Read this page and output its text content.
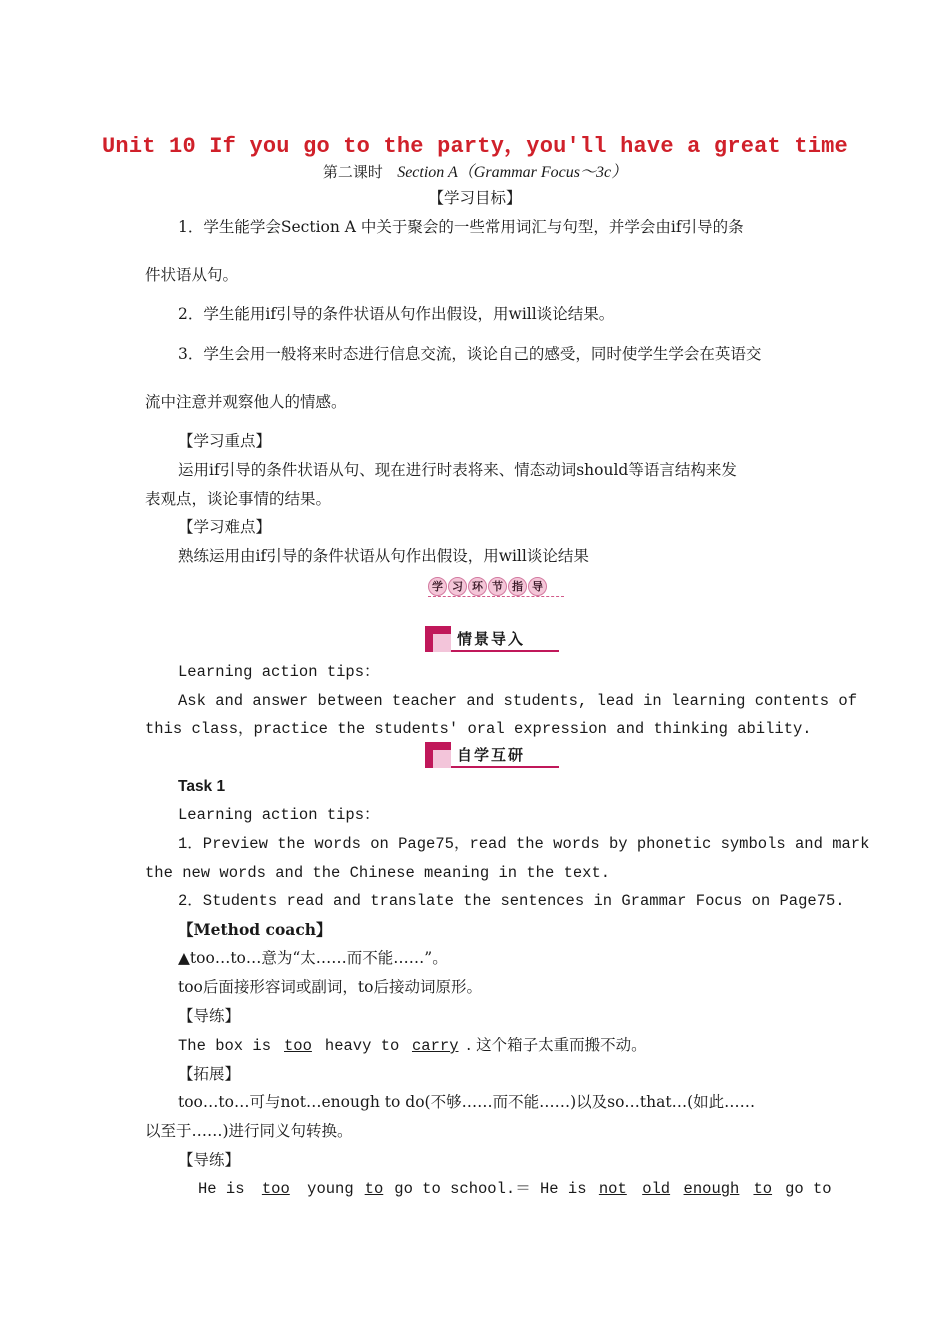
Unit 10 If you go to the party，you'll have a great time
第二课时 Section A（Grammar Focus～3c）
【学习目标】
1．学生能学会Section A 中关于聚会的一些常用词汇与句型，并学会由if引导的条
件状语从句。
2．学生能用if引导的条件状语从句作出假设，用will谈论结果。
3．学生会用一般将来时态进行信息交流，谈论自己的感受，同时使学生学会在英语交
流中注意并观察他人的情感。
【学习重点】
运用if引导的条件状语从句、现在进行时表将来、情态动词should等语言结构来发
表观点，谈论事情的结果。
【学习难点】
熟练运用由if引导的条件状语从句作出假设，用will谈论结果
学 习 环 节 指 导
情景导入
Learning action tips：
Ask and answer between teacher and students, lead in learning contents of
this class，practice the students' oral expression and thinking ability.
自学互研
Task 1
Learning action tips：
1．Preview the words on Page75，read the words by phonetic symbols and mark
the new words and the Chinese meaning in the text.
2．Students read and translate the sentences in Grammar Focus on Page75.
【Method coach】
▲too…to…意为“太……而不能……”。
too后面接形容词或副词，to后接动词原形。
【导练】
The box is too heavy to carry . 这个箱子太重而搬不动。
【拓展】
too…to…可与not…enough to do(不够……而不能……)以及so…that…(如此……
以至于……)进行同义句转换。
【导练】
He is too young to go to school.＝ He is not old enough to go to
